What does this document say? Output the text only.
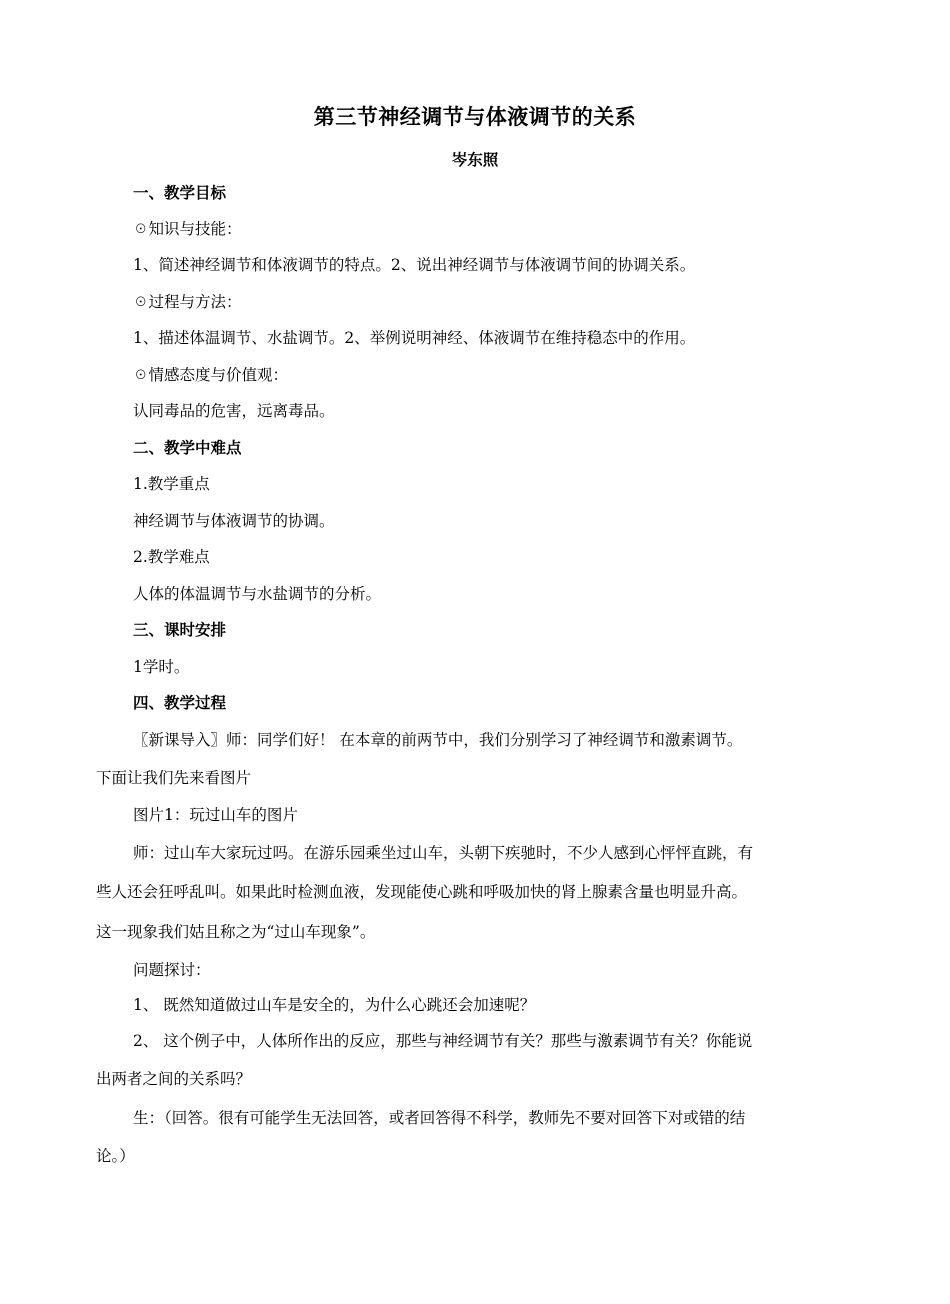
第三节神经调节与体液调节的关系

岑东照

一、教学目标

☉知识与技能：

1、简述神经调节和体液调节的特点。2、说出神经调节与体液调节间的协调关系。

☉过程与方法：

1、描述体温调节、水盐调节。2、举例说明神经、体液调节在维持稳态中的作用。

☉情感态度与价值观：

认同毒品的危害，远离毒品。

二、教学中难点

1.教学重点

神经调节与体液调节的协调。

2.教学难点

人体的体温调节与水盐调节的分析。

三、课时安排

1学时。

四、教学过程

〖新课导入〗师：同学们好！ 在本章的前两节中，我们分别学习了神经调节和激素调节。

下面让我们先来看图片

图片1：玩过山车的图片

师：过山车大家玩过吗。在游乐园乘坐过山车，头朝下疾驰时，不少人感到心怦怦直跳，有

些人还会狂呼乱叫。如果此时检测血液，发现能使心跳和呼吸加快的肾上腺素含量也明显升高。

这一现象我们姑且称之为“过山车现象”。

问题探讨：

1、 既然知道做过山车是安全的，为什么心跳还会加速呢？

2、 这个例子中，人体所作出的反应，那些与神经调节有关？那些与激素调节有关？你能说

出两者之间的关系吗？

生：（回答。很有可能学生无法回答，或者回答得不科学，教师先不要对回答下对或错的结

论。）
